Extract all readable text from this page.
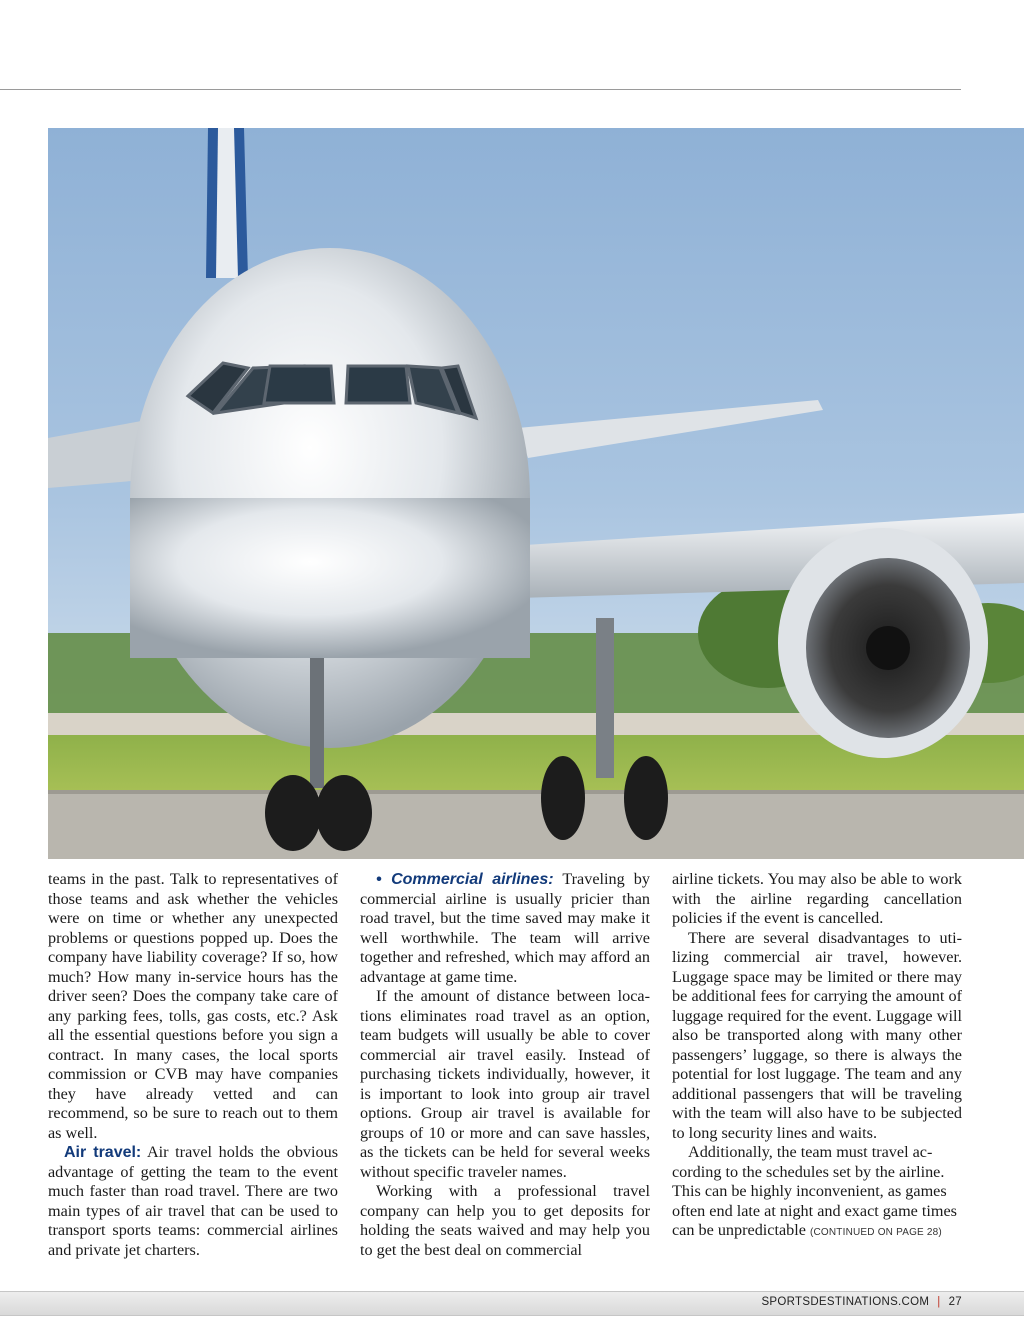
teams in the past. Talk to representatives of those teams and ask whether the vehicles were on time or whether any unexpected problems or questions popped up. Does the company have liability coverage? If so, how much? How many in-service hours has the driver seen? Does the company take care of any parking fees, tolls, gas costs, etc.? Ask all the essential questions before you sign a contract. In many cases, the local sports commission or CVB may have companies they have already vetted and can recommend, so be sure to reach out to them as well.

Air travel: Air travel holds the obvious advantage of getting the team to the event much faster than road travel. There are two main types of air travel that can be used to transport sports teams: commercial airlines and private jet charters.

• Commercial airlines: Traveling by commercial airline is usually pricier than road travel, but the time saved may make it well worthwhile. The team will arrive together and refreshed, which may afford an advantage at game time.

If the amount of distance between locations eliminates road travel as an option, team budgets will usually be able to cover commercial air travel easily. Instead of purchasing tickets individually, however, it is important to look into group air travel options. Group air travel is available for groups of 10 or more and can save hassles, as the tickets can be held for several weeks without specific traveler names.

Working with a professional travel company can help you to get deposits for holding the seats waived and may help you to get the best deal on commercial

airline tickets. You may also be able to work with the airline regarding cancellation policies if the event is cancelled.

There are several disadvantages to utilizing commercial air travel, however. Luggage space may be limited or there may be additional fees for carrying the amount of luggage required for the event. Luggage will also be transported along with many other passengers’ luggage, so there is always the potential for lost luggage. The team and any additional passengers that will be traveling with the team will also have to be subjected to long security lines and waits.

Additionally, the team must travel according to the schedules set by the airline. This can be highly inconvenient, as games often end late at night and exact game times can be unpredictable (CONTINUED ON PAGE 28)

SPORTSDESTINATIONS.COM | 27
